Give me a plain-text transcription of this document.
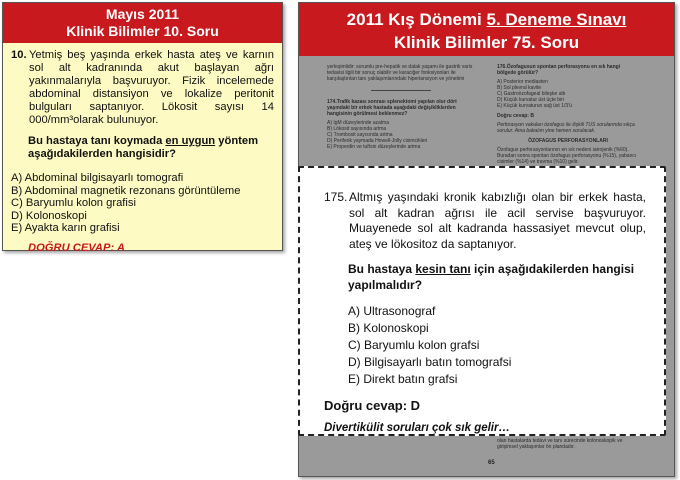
Mayıs 2011
Klinik Bilimler 10. Soru
10. Yetmiş beş yaşında erkek hasta ateş ve karnın sol alt kadranında akut başlayan ağrı yakınmalarıyla başvuruyor. Fizik incelemede abdominal distansiyon ve lokalize peritonit bulguları saptanıyor. Lökosit sayısı 14 000/mm³olarak bulunuyor.
Bu hastaya tanı koymada en uygun yöntem aşağıdakilerden hangisidir?
A) Abdominal bilgisayarlı tomografi
B) Abdominal magnetik rezonans görüntüleme
C) Baryumlu kolon grafisi
D) Kolonoskopi
E) Ayakta karın grafisi
DOĞRU CEVAP: A
2011 Kış Dönemi 5. Deneme Sınavı
Klinik Bilimler 75. Soru
yerleşimlidir: sorumlu pre-hepatik ve dalak yaşamı ile gastrik varis tedavisi ilgili bir sonuç olabilir ve karaciğer fonksiyonları ile karşılaştırılan tanı yaklaşımlarındaki hipertansiyon ve yönetimi
174.Trafik kazası sonrası splenektomi yapılan olur dört yaşındaki bir erkek hastada aşağıdaki değişikliklerden hangisinin görülmesi beklenmez?
A) IgM düzeylerinde azalma
B) Lökosit sayısında artma
C) Trombosit sayısında artma
D) Periferik yaymada Howell-Jolly cisimcikleri
E) Properdin ve tuftsin düzeylerinde artma
176.Özofagusun spontan perforasyonu en sık hangi bölgede görülür?
A) Posterior mediasten
B) Sol plevral kavite
C) Gastroözofageal bileşke altı
D) Küçük kurvatur üst üçte biri
E) Küçük kurvaturun sağ üst 1/3'ü
Doğru cevap: B
Perforasyon vakaları özofagus ile ilişkili TUS sorularında sıkça sorulur. Ama bakalım yine hemen sorulacak.
ÖZOFAGUS PERFORASYONLARI
Özofagus perforasyonlarının en sık nedeni iatrojenik (%60). Buradan sonra spontan özofagus perforasyonu (%15), yabancı cisimler (%14) ve travma (%10) gelir.
olan hastalarda tedavi ve tanı sürecinde kolonoskopik ve girişimsel yaklaşımlar ön plandadır.
65
175. Altmış yaşındaki kronik kabızlığı olan bir erkek hasta, sol alt kadran ağrısı ile acil servise başvuruyor. Muayenede sol alt kadranda hassasiyet mevcut olup, ateş ve lökositoz da saptanıyor.
Bu hastaya kesin tanı için aşağıdakilerden hangisi yapılmalıdır?
A) Ultrasonograf
B) Kolonoskopi
C) Baryumlu kolon grafsi
D) Bilgisayarlı batın tomografsi
E) Direkt batın grafsi
Doğru cevap: D
Divertikülit soruları çok sık gelir…
